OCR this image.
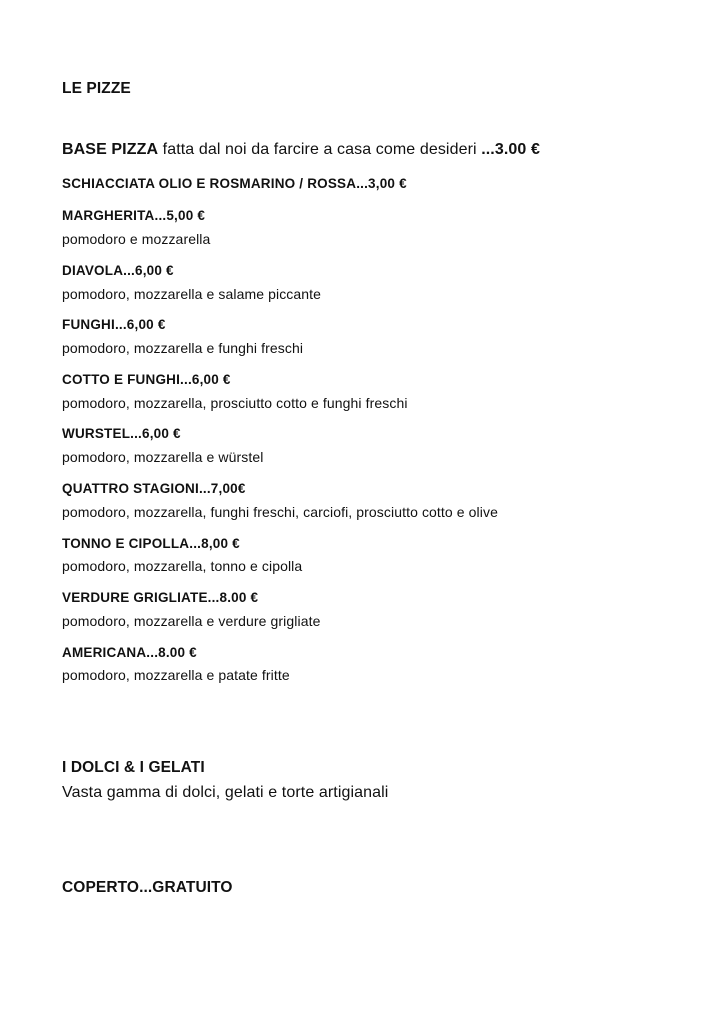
LE PIZZE
BASE PIZZA fatta dal noi da farcire a casa come desideri ...3.00 €
SCHIACCIATA OLIO E ROSMARINO / ROSSA...3,00 €
MARGHERITA...5,00 €
pomodoro e mozzarella
DIAVOLA...6,00 €
pomodoro, mozzarella e salame piccante
FUNGHI...6,00 €
pomodoro, mozzarella e funghi freschi
COTTO E FUNGHI...6,00 €
pomodoro, mozzarella, prosciutto cotto e funghi freschi
WURSTEL...6,00 €
pomodoro, mozzarella e würstel
QUATTRO STAGIONI...7,00€
pomodoro, mozzarella, funghi freschi, carciofi, prosciutto cotto e olive
TONNO E CIPOLLA...8,00 €
pomodoro, mozzarella, tonno e cipolla
VERDURE GRIGLIATE...8.00 €
pomodoro, mozzarella e verdure grigliate
AMERICANA...8.00 €
pomodoro, mozzarella e patate fritte
I DOLCI & I GELATI
Vasta gamma di dolci, gelati e torte artigianali
COPERTO...GRATUITO
